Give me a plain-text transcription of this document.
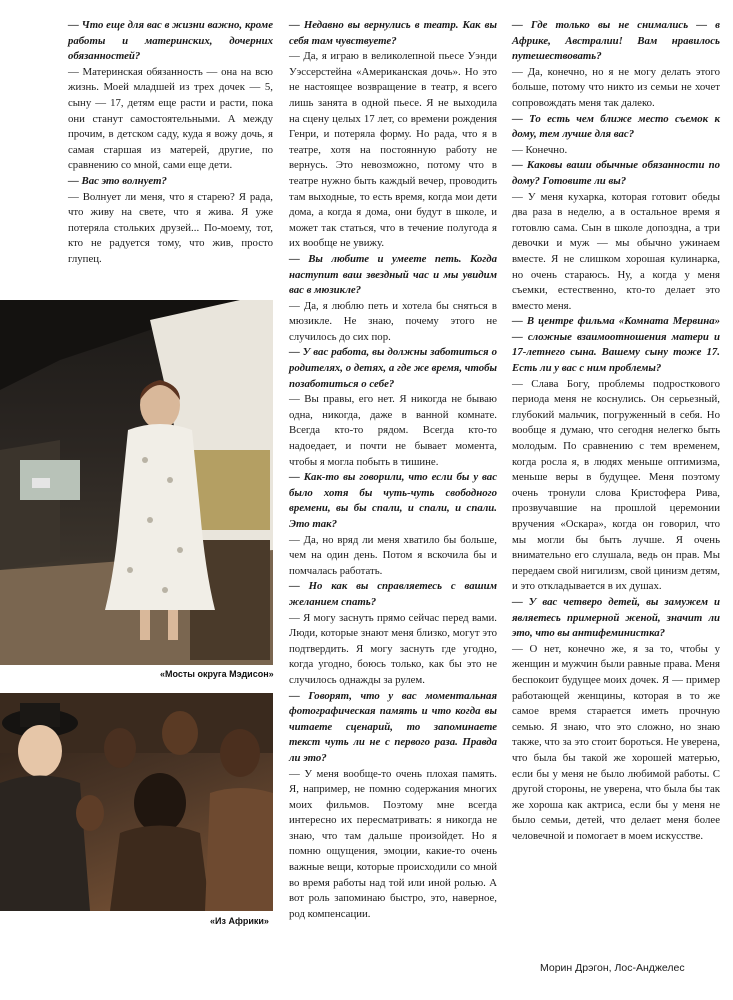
— Что еще для вас в жизни важно, кроме работы и материнских, дочерних обязанностей?

— Материнская обязанность — она на всю жизнь. Моей младшей из трех дочек — 5, сыну — 17, детям еще расти и расти, пока они станут самостоятельными. А между прочим, в детском саду, куда я вожу дочь, я самая старшая из матерей, другие, по сравнению со мной, сами еще дети.

— Вас это волнует?

— Волнует ли меня, что я старею? Я рада, что живу на свете, что я жива. Я уже потеряла стольких друзей... По-моему, тот, кто не радуется тому, что жив, просто глупец.

— Недавно вы вернулись в театр. Как вы себя там чувствуете?

— Да, я играю в великолепной пьесе Уэнди Уэссерстейна «Американская дочь». Но это не настоящее возвращение в театр, я всего лишь занята в одной пьесе. Я не выходила на сцену целых 17 лет, со времени рождения Генри, и потеряла форму. Но рада, что я в театре, хотя на постоянную работу не вернусь. Это невозможно, потому что в театре нужно быть каждый вечер, проводить там выходные, то есть время, когда мои дети дома, а когда я дома, они будут в школе, и может так статься, что в течение полугода я их вообще не увижу.

— Вы любите и умеете петь. Когда наступит ваш звездный час и мы увидим вас в мюзикле?

— Да, я люблю петь и хотела бы сняться в мюзикле. Не знаю, почему этого не случилось до сих пор.

— У вас работа, вы должны заботиться о родителях, о детях, а где же время, чтобы позаботиться о себе?

— Вы правы, его нет. Я никогда не бываю одна, никогда, даже в ванной комнате. Всегда кто-то рядом. Всегда кто-то надоедает, и почти не бывает момента, чтобы я могла побыть в тишине.

— Как-то вы говорили, что если бы у вас было хотя бы чуть-чуть свободного времени, вы бы спали, и спали, и спали. Это так?

— Да, но вряд ли меня хватило бы больше, чем на один день. Потом я вскочила бы и помчалась работать.

— Но как вы справляетесь с вашим желанием спать?

— Я могу заснуть прямо сейчас перед вами. Люди, которые знают меня близко, могут это подтвердить. Я могу заснуть где угодно, когда угодно, боюсь только, как бы это не случилось однажды за рулем.

— Говорят, что у вас моментальная фотографическая память и что когда вы читаете сценарий, то запоминаете текст чуть ли не с первого раза. Правда ли это?

— У меня вообще-то очень плохая память. Я, например, не помню содержания многих моих фильмов. Поэтому мне всегда интересно их пересматривать: я никогда не знаю, что там дальше произойдет. Но я помню ощущения, эмоции, какие-то очень важные вещи, которые происходили со мной во время работы над той или иной ролью. А вот роль запоминаю быстро, это, наверное, род компенсации.

— Где только вы не снимались — в Африке, Австралии! Вам нравилось путешествовать?

— Да, конечно, но я не могу делать этого больше, потому что никто из семьи не хочет сопровождать меня так далеко.

— То есть чем ближе место съемок к дому, тем лучше для вас?

— Конечно.

— Каковы ваши обычные обязанности по дому? Готовите ли вы?

— У меня кухарка, которая готовит обеды два раза в неделю, а в остальное время я готовлю сама. Сын в школе допоздна, а три девочки и муж — мы обычно ужинаем вместе. Я не слишком хорошая кулинарка, но очень стараюсь. Ну, а когда у меня съемки, естественно, кто-то делает это вместо меня.

— В центре фильма «Комната Мервина» — сложные взаимоотношения матери и 17-летнего сына. Вашему сыну тоже 17. Есть ли у вас с ним проблемы?

— Слава Богу, проблемы подросткового периода меня не коснулись. Он серьезный, глубокий мальчик, погруженный в себя. Но вообще я думаю, что сегодня нелегко быть молодым. По сравнению с тем временем, когда росла я, в людях меньше оптимизма, меньше веры в будущее. Меня поэтому очень тронули слова Кристофера Рива, прозвучавшие на прошлой церемонии вручения «Оскара», когда он говорил, что мы могли бы быть лучше. Я очень внимательно его слушала, ведь он прав. Мы передаем свой нигилизм, свой цинизм детям, и это откладывается в их душах.

— У вас четверо детей, вы замужем и являетесь примерной женой, значит ли это, что вы антифеминистка?

— О нет, конечно же, я за то, чтобы у женщин и мужчин были равные права. Меня беспокоит будущее моих дочек. Я — пример работающей женщины, которая в то же самое время старается иметь прочную семью. Я знаю, что это сложно, но знаю также, что за это стоит бороться. Не уверена, что была бы такой же хорошей матерью, если бы у меня не было любимой работы. С другой стороны, не уверена, что была бы так же хороша как актриса, если бы у меня не было семьи, детей, что делает меня более человечной и помогает в моем искусстве.

«Мосты округа Мэдисон»
«Из Африки»
Морин Дрэгон, Лос-Анджелес
